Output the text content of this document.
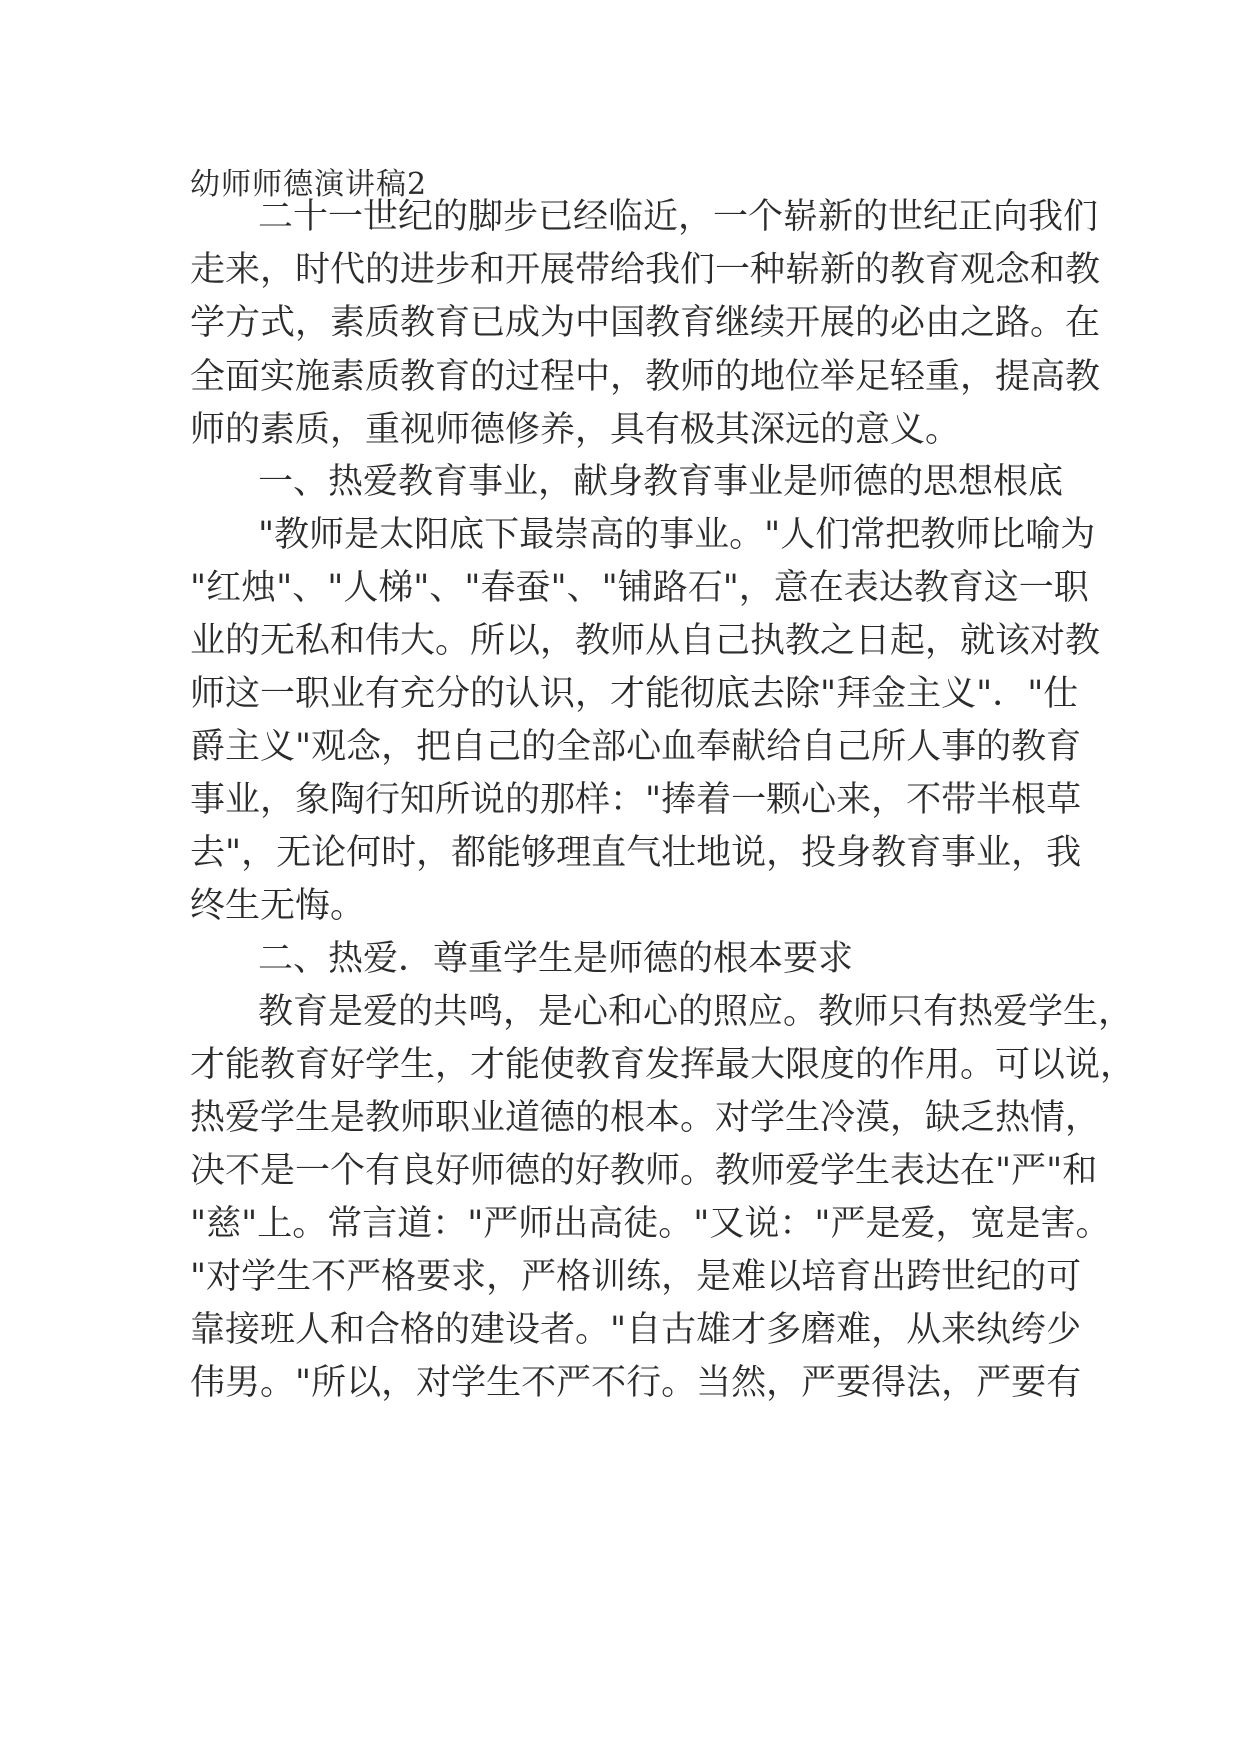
幼师师德演讲稿2
二十一世纪的脚步已经临近，一个崭新的世纪正向我们
走来，时代的进步和开展带给我们一种崭新的教育观念和教
学方式，素质教育已成为中国教育继续开展的必由之路。在
全面实施素质教育的过程中，教师的地位举足轻重，提高教
师的素质，重视师德修养，具有极其深远的意义。
一、热爱教育事业，献身教育事业是师德的思想根底
"教师是太阳底下最崇高的事业。"人们常把教师比喻为
"红烛"、"人梯"、"春蚕"、"铺路石"，意在表达教育这一职
业的无私和伟大。所以，教师从自己执教之日起，就该对教
师这一职业有充分的认识，才能彻底去除"拜金主义"．"仕
爵主义"观念，把自己的全部心血奉献给自己所人事的教育
事业，象陶行知所说的那样："捧着一颗心来，不带半根草
去"，无论何时，都能够理直气壮地说，投身教育事业，我
终生无悔。
二、热爱．尊重学生是师德的根本要求
教育是爱的共鸣，是心和心的照应。教师只有热爱学生，
才能教育好学生，才能使教育发挥最大限度的作用。可以说，
热爱学生是教师职业道德的根本。对学生冷漠，缺乏热情，
决不是一个有良好师德的好教师。教师爱学生表达在"严"和
"慈"上。常言道："严师出高徒。"又说："严是爱，宽是害。
"对学生不严格要求，严格训练，是难以培育出跨世纪的可
靠接班人和合格的建设者。"自古雄才多磨难，从来纨绔少
伟男。"所以，对学生不严不行。当然，严要得法，严要有
